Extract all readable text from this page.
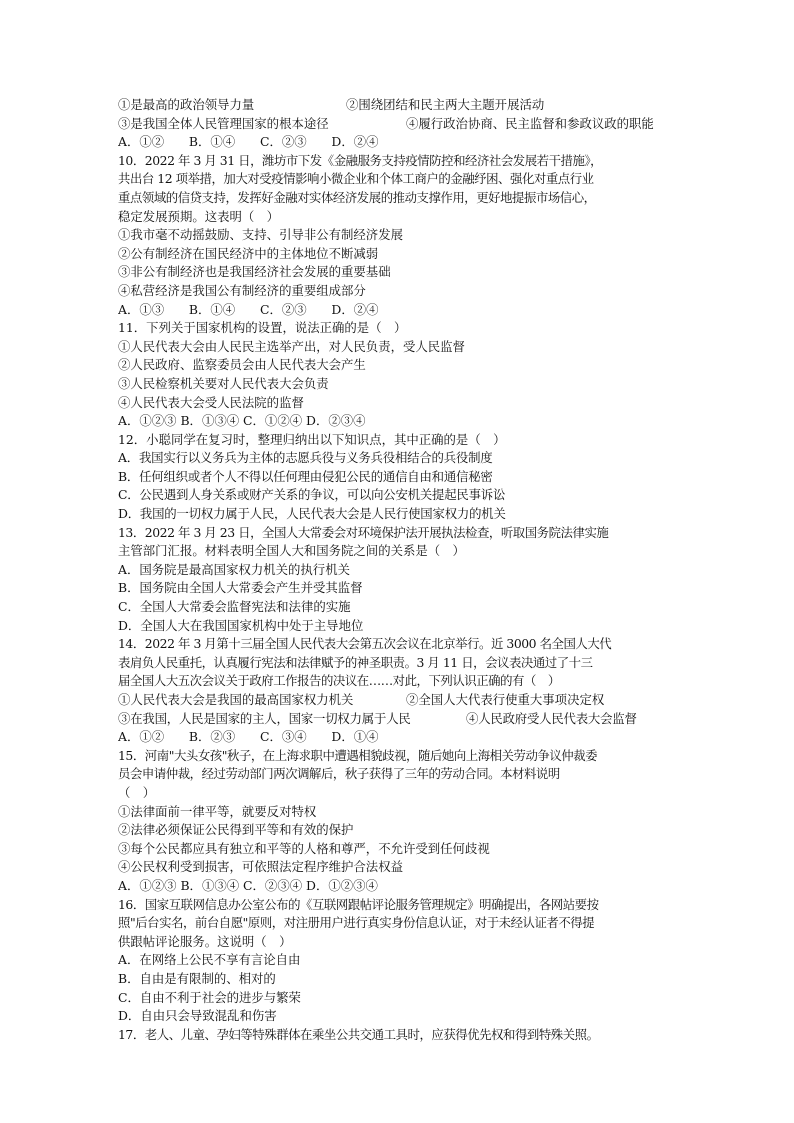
①是最高的政治领导力量	②围绕团结和民主两大主题开展活动
③是我国全体人民管理国家的根本途径	④履行政治协商、民主监督和参政议政的职能
A．①②　　B．①④　　C．②③　　D．②④
10．2022 年 3 月 31 日，潍坊市下发《金融服务支持疫情防控和经济社会发展若干措施》，
共出台 12 项举措，加大对受疫情影响小微企业和个体工商户的金融纾困、强化对重点行业
重点领域的信贷支持，发挥好金融对实体经济发展的推动支撑作用，更好地提振市场信心，
稳定发展预期。这表明（　）
①我市毫不动摇鼓励、支持、引导非公有制经济发展
②公有制经济在国民经济中的主体地位不断减弱
③非公有制经济也是我国经济社会发展的重要基础
④私营经济是我国公有制经济的重要组成部分
A．①③　　B．①④　　C．②③　　D．②④
11．下列关于国家机构的设置，说法正确的是（　）
①人民代表大会由人民民主选举产出，对人民负责，受人民监督
②人民政府、监察委员会由人民代表大会产生
③人民检察机关要对人民代表大会负责
④人民代表大会受人民法院的监督
A．①②③ B．①③④ C．①②④ D．②③④
12．小聪同学在复习时，整理归纳出以下知识点，其中正确的是（　）
A．我国实行以义务兵为主体的志愿兵役与义务兵役相结合的兵役制度
B．任何组织或者个人不得以任何理由侵犯公民的通信自由和通信秘密
C．公民遇到人身关系或财产关系的争议，可以向公安机关提起民事诉讼
D．我国的一切权力属于人民，人民代表大会是人民行使国家权力的机关
13．2022 年 3 月 23 日，全国人大常委会对环境保护法开展执法检查，听取国务院法律实施
主管部门汇报。材料表明全国人大和国务院之间的关系是（　）
A．国务院是最高国家权力机关的执行机关
B．国务院由全国人大常委会产生并受其监督
C．全国人大常委会监督宪法和法律的实施
D．全国人大在我国国家机构中处于主导地位
14．2022 年 3 月第十三届全国人民代表大会第五次会议在北京举行。近 3000 名全国人大代
表肩负人民重托，认真履行宪法和法律赋予的神圣职责。3 月 11 日，会议表决通过了十三
届全国人大五次会议关于政府工作报告的决议在……对此，下列认识正确的有（　）
①人民代表大会是我国的最高国家权力机关	②全国人大代表行使重大事项决定权
③在我国，人民是国家的主人，国家一切权力属于人民	④人民政府受人民代表大会监督
A．①②　　B．②③　　C．③④　　D．①④
15．河南"大头女孩"秋子，在上海求职中遭遇相貌歧视，随后她向上海相关劳动争议仲裁委
员会申请仲裁，经过劳动部门两次调解后，秋子获得了三年的劳动合同。本材料说明
（　）
①法律面前一律平等，就要反对特权
②法律必须保证公民得到平等和有效的保护
③每个公民都应具有独立和平等的人格和尊严，不允许受到任何歧视
④公民权利受到损害，可依照法定程序维护合法权益
A．①②③ B．①③④ C．②③④ D．①②③④
16．国家互联网信息办公室公布的《互联网跟帖评论服务管理规定》明确提出，各网站要按
照"后台实名，前台自愿"原则，对注册用户进行真实身份信息认证，对于未经认证者不得提
供跟帖评论服务。这说明（　）
A．在网络上公民不享有言论自由
B．自由是有限制的、相对的
C．自由不利于社会的进步与繁荣
D．自由只会导致混乱和伤害
17．老人、儿童、孕妇等特殊群体在乘坐公共交通工具时，应获得优先权和得到特殊关照。
